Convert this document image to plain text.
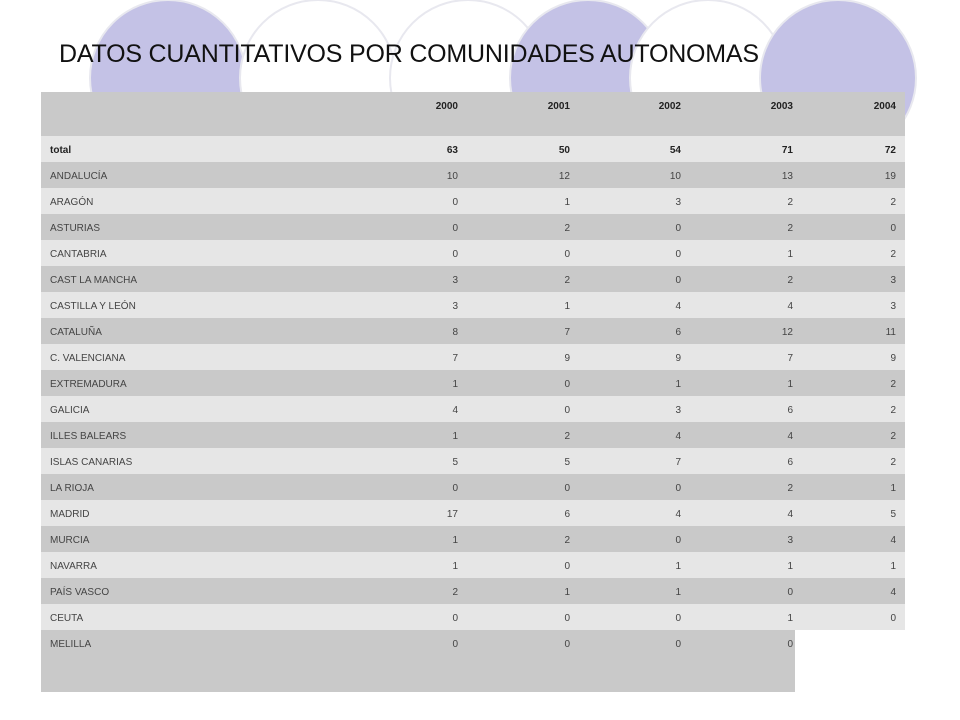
DATOS CUANTITATIVOS POR COMUNIDADES AUTONOMAS
2000	2001	2002	2003	2004
total	63	50	54	71	72
ANDALUCÍA	10	12	10	13	19
ARAGÓN	0	1	3	2	2
ASTURIAS	0	2	0	2	0
CANTABRIA	0	0	0	1	2
CAST LA MANCHA	3	2	0	2	3
CASTILLA Y LEÓN	3	1	4	4	3
CATALUÑA	8	7	6	12	11
C. VALENCIANA	7	9	9	7	9
EXTREMADURA	1	0	1	1	2
GALICIA	4	0	3	6	2
ILLES BALEARS	1	2	4	4	2
ISLAS CANARIAS	5	5	7	6	2
LA RIOJA	0	0	0	2	1
MADRID	17	6	4	4	5
MURCIA	1	2	0	3	4
NAVARRA	1	0	1	1	1
PAÍS VASCO	2	1	1	0	4
CEUTA	0	0	0	1	0
MELILLA	0	0	0	0
